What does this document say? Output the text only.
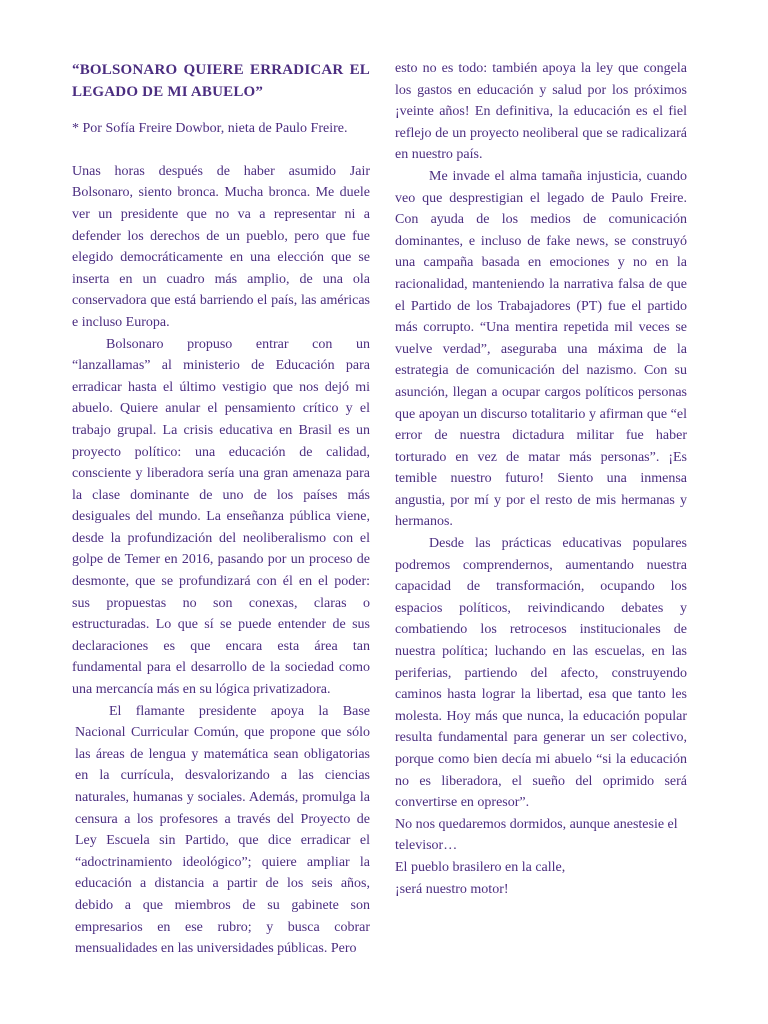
“BOLSONARO QUIERE ERRADICAR EL LEGADO DE MI ABUELO”

* Por Sofía Freire Dowbor, nieta de Paulo Freire.

Unas horas después de haber asumido Jair Bolsonaro, siento bronca. Mucha bronca. Me duele ver un presidente que no va a representar ni a defender los derechos de un pueblo, pero que fue elegido democráticamente en una elección que se inserta en un cuadro más amplio, de una ola conservadora que está barriendo el país, las américas e incluso Europa.

Bolsonaro propuso entrar con un “lanzallamas” al ministerio de Educación para erradicar hasta el último vestigio que nos dejó mi abuelo. Quiere anular el pensamiento crítico y el trabajo grupal. La crisis educativa en Brasil es un proyecto político: una educación de calidad, consciente y liberadora sería una gran amenaza para la clase dominante de uno de los países más desiguales del mundo. La enseñanza pública viene, desde la profundización del neoliberalismo con el golpe de Temer en 2016, pasando por un proceso de desmonte, que se profundizará con él en el poder: sus propuestas no son conexas, claras o estructuradas. Lo que sí se puede entender de sus declaraciones es que encara esta área tan fundamental para el desarrollo de la sociedad como una mercancía más en su lógica privatizadora.

El flamante presidente apoya la Base Nacional Curricular Común, que propone que sólo las áreas de lengua y matemática sean obligatorias en la currícula, desvalorizando a las ciencias naturales, humanas y sociales. Además, promulga la censura a los profesores a través del Proyecto de Ley Escuela sin Partido, que dice erradicar el “adoctrinamiento ideológico”; quiere ampliar la educación a distancia a partir de los seis años, debido a que miembros de su gabinete son empresarios en ese rubro; y busca cobrar mensualidades en las universidades públicas. Pero

esto no es todo: también apoya la ley que congela los gastos en educación y salud por los próximos ¡veinte años! En definitiva, la educación es el fiel reflejo de un proyecto neoliberal que se radicalizará en nuestro país.

Me invade el alma tamaña injusticia, cuando veo que desprestigian el legado de Paulo Freire. Con ayuda de los medios de comunicación dominantes, e incluso de fake news, se construyó una campaña basada en emociones y no en la racionalidad, manteniendo la narrativa falsa de que el Partido de los Trabajadores (PT) fue el partido más corrupto. “Una mentira repetida mil veces se vuelve verdad”, aseguraba una máxima de la estrategia de comunicación del nazismo. Con su asunción, llegan a ocupar cargos políticos personas que apoyan un discurso totalitario y afirman que “el error de nuestra dictadura militar fue haber torturado en vez de matar más personas”. ¡Es temible nuestro futuro! Siento una inmensa angustia, por mí y por el resto de mis hermanas y hermanos.

Desde las prácticas educativas populares podremos comprendernos, aumentando nuestra capacidad de transformación, ocupando los espacios políticos, reivindicando debates y combatiendo los retrocesos institucionales de nuestra política; luchando en las escuelas, en las periferias, partiendo del afecto, construyendo caminos hasta lograr la libertad, esa que tanto les molesta. Hoy más que nunca, la educación popular resulta fundamental para generar un ser colectivo, porque como bien decía mi abuelo “si la educación no es liberadora, el sueño del oprimido será convertirse en opresor”.

No nos quedaremos dormidos, aunque anestesie el televisor…

El pueblo brasilero en la calle,

¡será nuestro motor!
